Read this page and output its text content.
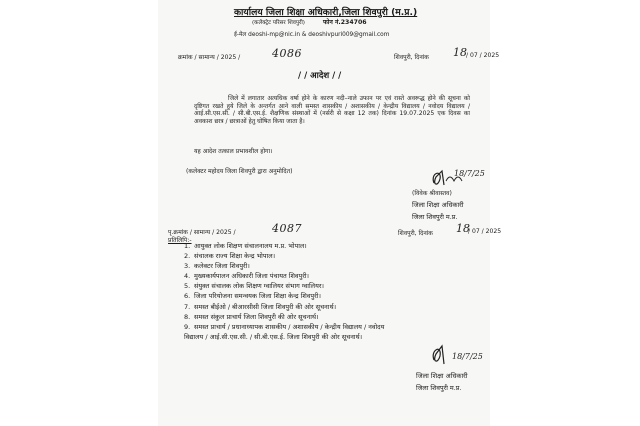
कार्यालय जिला शिक्षा अधिकारी,जिला शिवपुरी (म.प्र.)
(कलेक्ट्रेट परिसर शिवपुरी)	फोन नं.234706
ई-मेल deoshi-mp@nic.in & deoshivpuri009@gmail.com
क्रमांक / सामान्य / 2025 /	4086	शिवपुरी, दिनांक 18 / 07 / 2025
/ / आदेश / /
जिले में लगातार अत्यधिक वर्षा होने के कारण नदी–नाले उफान पर एवं रास्ते अवरूद्ध होने की सूचना को दृष्टिगत रखते हुये जिले के अन्तर्गत आने वाली समस्त शासकीय / अशासकीय / केन्द्रीय विद्यालय / नवोदय विद्यालय / आई.सी.एस.सी. / सी.बी.एस.ई. शैक्षणिक संस्थाओं में (नर्सरी से कक्षा 12 तक) दिनांक 19.07.2025 एक दिवस का अवकाश छात्र / छात्राओं हेतु घोषित किया जाता है।
यह आदेश तत्काल प्रभावशील होगा।
(कलेक्टर महोदय जिला शिवपुरी द्वारा अनुमोदित)	18/7/25
(विवेक श्रीवास्तव)
जिला शिक्षा अधिकारी
जिला शिवपुरी म.प्र.
पृ.क्रमांक / सामान्य / 2025 /	4087	शिवपुरी, दिनांक 18
/ 07 / 2025
प्रतिलिपि:-
1. आयुक्त लोक शिक्षण संचालनालय म.प्र. भोपाल।
2. संचालक राज्य शिक्षा केन्द्र भोपाल।
3. कलेक्टर जिला शिवपुरी।
4. मुख्यकार्यपालन अधिकारी जिला पंचायत शिवपुरी।
5. संयुक्त संचालक लोक शिक्षण ग्वालियर संभाग ग्वालियर।
6. जिला परियोजना समन्वयक जिला शिक्षा केन्द्र शिवपुरी।
7. समस्त बीईओ / बीआरसीसी जिला शिवपुरी की ओर सूचनार्थ।
8. समस्त संकुल प्राचार्य जिला शिवपुरी की ओर सूचनार्थ।
9. समस्त प्राचार्य / प्रधानाध्यापक शासकीय / अशासकीय / केन्द्रीय विद्यालय / नवोदय
विद्यालय / आई.सी.एस.सी. / सी.बी.एस.ई. जिला शिवपुरी की ओर सूचनार्थ।
18/7/25
जिला शिक्षा अधिकारी
जिला शिवपुरी म.प्र.
